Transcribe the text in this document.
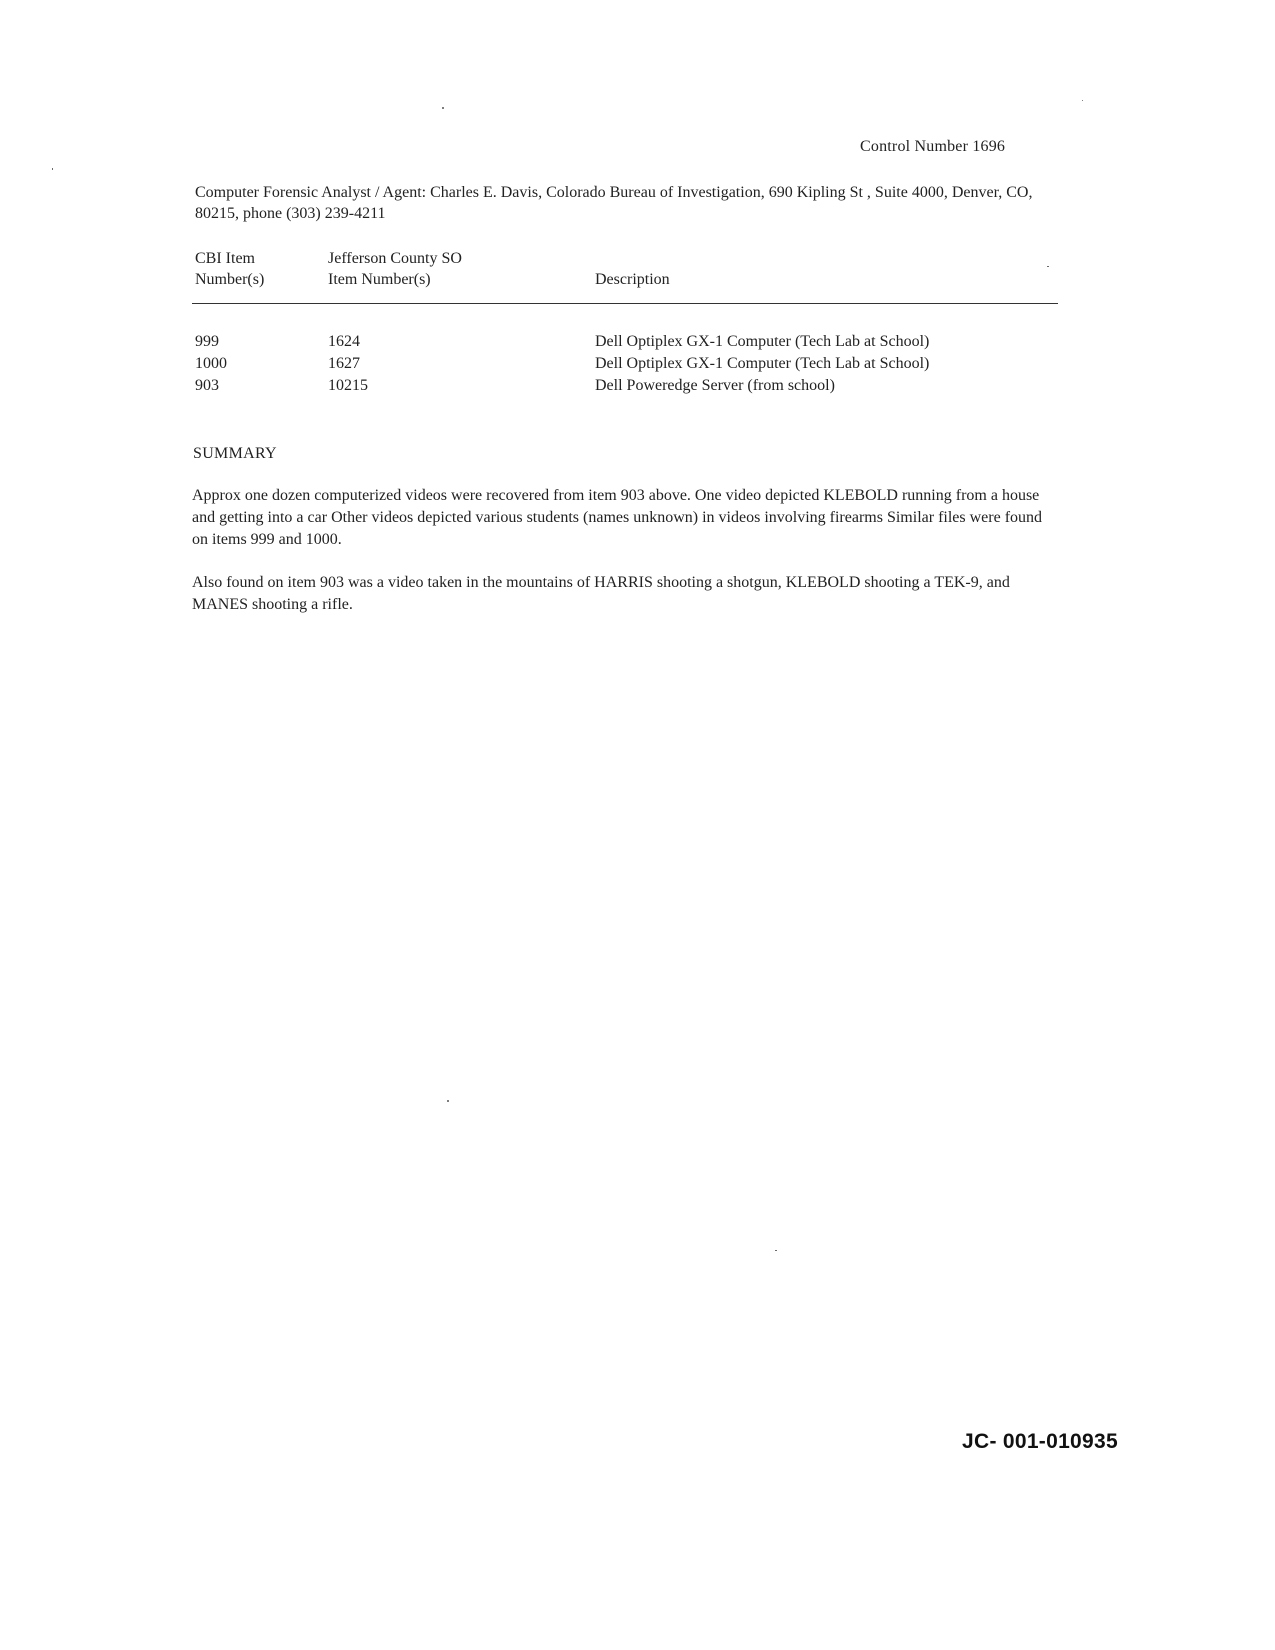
Control Number 1696
Computer Forensic Analyst / Agent: Charles E. Davis, Colorado Bureau of Investigation, 690 Kipling St , Suite 4000, Denver, CO, 80215, phone (303) 239-4211
CBI Item
Number(s)
Jefferson County SO
Item Number(s)	Description
999	1624	Dell Optiplex GX-1 Computer (Tech Lab at School)
1000	1627	Dell Optiplex GX-1 Computer (Tech Lab at School)
903	10215	Dell Poweredge Server (from school)
SUMMARY
Approx one dozen computerized videos were recovered from item 903 above. One video depicted KLEBOLD running from a house and getting into a car Other videos depicted various students (names unknown) in videos involving firearms Similar files were found on items 999 and 1000.
Also found on item 903 was a video taken in the mountains of HARRIS shooting a shotgun, KLEBOLD shooting a TEK-9, and MANES shooting a rifle.
JC- 001-010935
